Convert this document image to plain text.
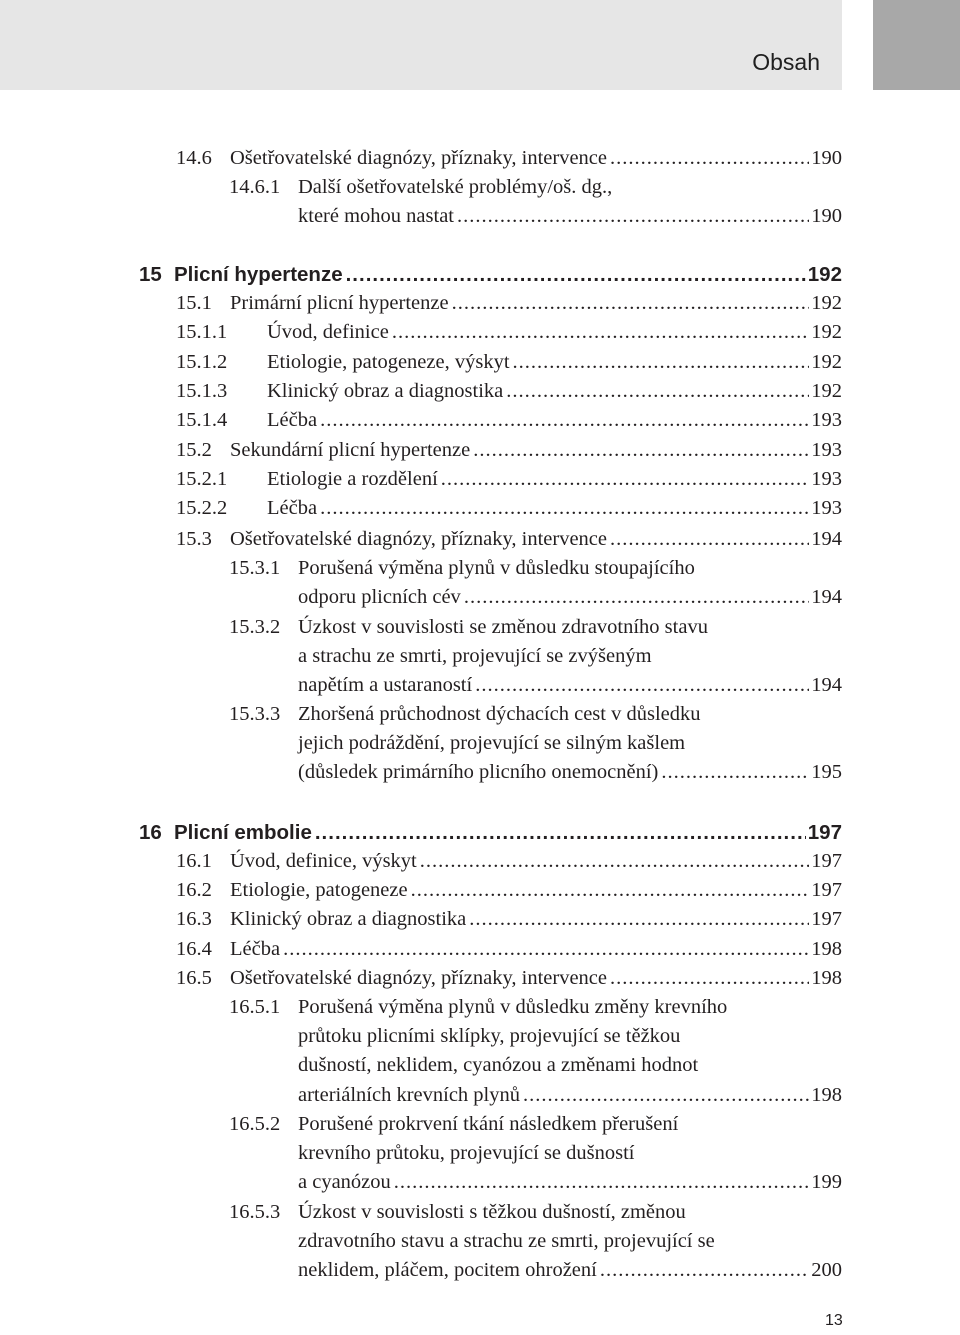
Obsah
14.6 Ošetřovatelské diagnózy, příznaky, intervence .....	190
14.6.1 Další ošetřovatelské problémy/oš. dg.,
které mohou nastat .....	190
15 Plicní hypertenze .....	192
15.1 Primární plicní hypertenze .....	192
15.1.1 Úvod, definice .....	192
15.1.2 Etiologie, patogeneze, výskyt .....	192
15.1.3 Klinický obraz a diagnostika .....	192
15.1.4 Léčba .....	193
15.2 Sekundární plicní hypertenze .....	193
15.2.1 Etiologie a rozdělení .....	193
15.2.2 Léčba .....	193
15.3 Ošetřovatelské diagnózy, příznaky, intervence .....	194
15.3.1 Porušená výměna plynů v důsledku stoupajícího
odporu plicních cév .....	194
15.3.2 Úzkost v souvislosti se změnou zdravotního stavu
a strachu ze smrti, projevující se zvýšeným
napětím a ustaraností .....	194
15.3.3 Zhoršená průchodnost dýchacích cest v důsledku
jejich podráždění, projevující se silným kašlem
(důsledek primárního plicního onemocnění) .....	195
16 Plicní embolie .....	197
16.1 Úvod, definice, výskyt .....	197
16.2 Etiologie, patogeneze .....	197
16.3 Klinický obraz a diagnostika .....	197
16.4 Léčba .....	198
16.5 Ošetřovatelské diagnózy, příznaky, intervence .....	198
16.5.1 Porušená výměna plynů v důsledku změny krevního
průtoku plicními sklípky, projevující se těžkou
dušností, neklidem, cyanózou a změnami hodnot
arteriálních krevních plynů .....	198
16.5.2 Porušené prokrvení tkání následkem přerušení
krevního průtoku, projevující se dušností
a cyanózou .....	199
16.5.3 Úzkost v souvislosti s těžkou dušností, změnou
zdravotního stavu a strachu ze smrti, projevující se
neklidem, pláčem, pocitem ohrožení .....	200
13
